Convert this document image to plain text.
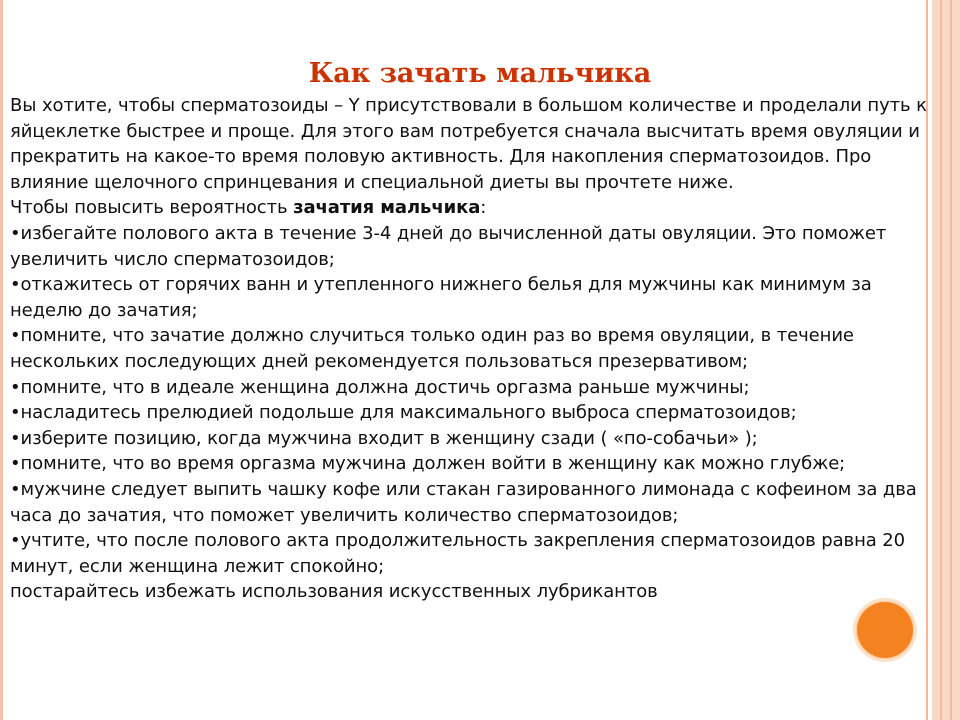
Как зачать мальчика

Вы хотите, чтобы сперматозоиды – Y присутствовали в большом количестве и проделали путь к яйцеклетке быстрее и проще. Для этого вам потребуется сначала высчитать время овуляции и прекратить на какое-то время половую активность. Для накопления сперматозоидов. Про влияние щелочного спринцевания и специальной диеты вы прочтете ниже.

Чтобы повысить вероятность зачатия мальчика:

•избегайте полового акта в течение 3-4 дней до вычисленной даты овуляции. Это поможет увеличить число сперматозоидов;

•откажитесь от горячих ванн и утепленного нижнего белья для мужчины как минимум за неделю до зачатия;

•помните, что зачатие должно случиться только один раз во время овуляции, в течение нескольких последующих дней рекомендуется пользоваться презервативом;

•помните, что в идеале женщина должна достичь оргазма раньше мужчины;

•насладитесь прелюдией подольше для максимального выброса сперматозоидов;

•изберите позицию, когда мужчина входит в женщину сзади ( «по-собачьи» );

•помните, что во время оргазма мужчина должен войти в женщину как можно глубже;

•мужчине следует выпить чашку кофе или стакан газированного лимонада с кофеином за два часа до зачатия, что поможет увеличить количество сперматозоидов;

•учтите, что после полового акта продолжительность закрепления сперматозоидов равна 20 минут, если женщина лежит спокойно;

постарайтесь избежать использования искусственных лубрикантов
